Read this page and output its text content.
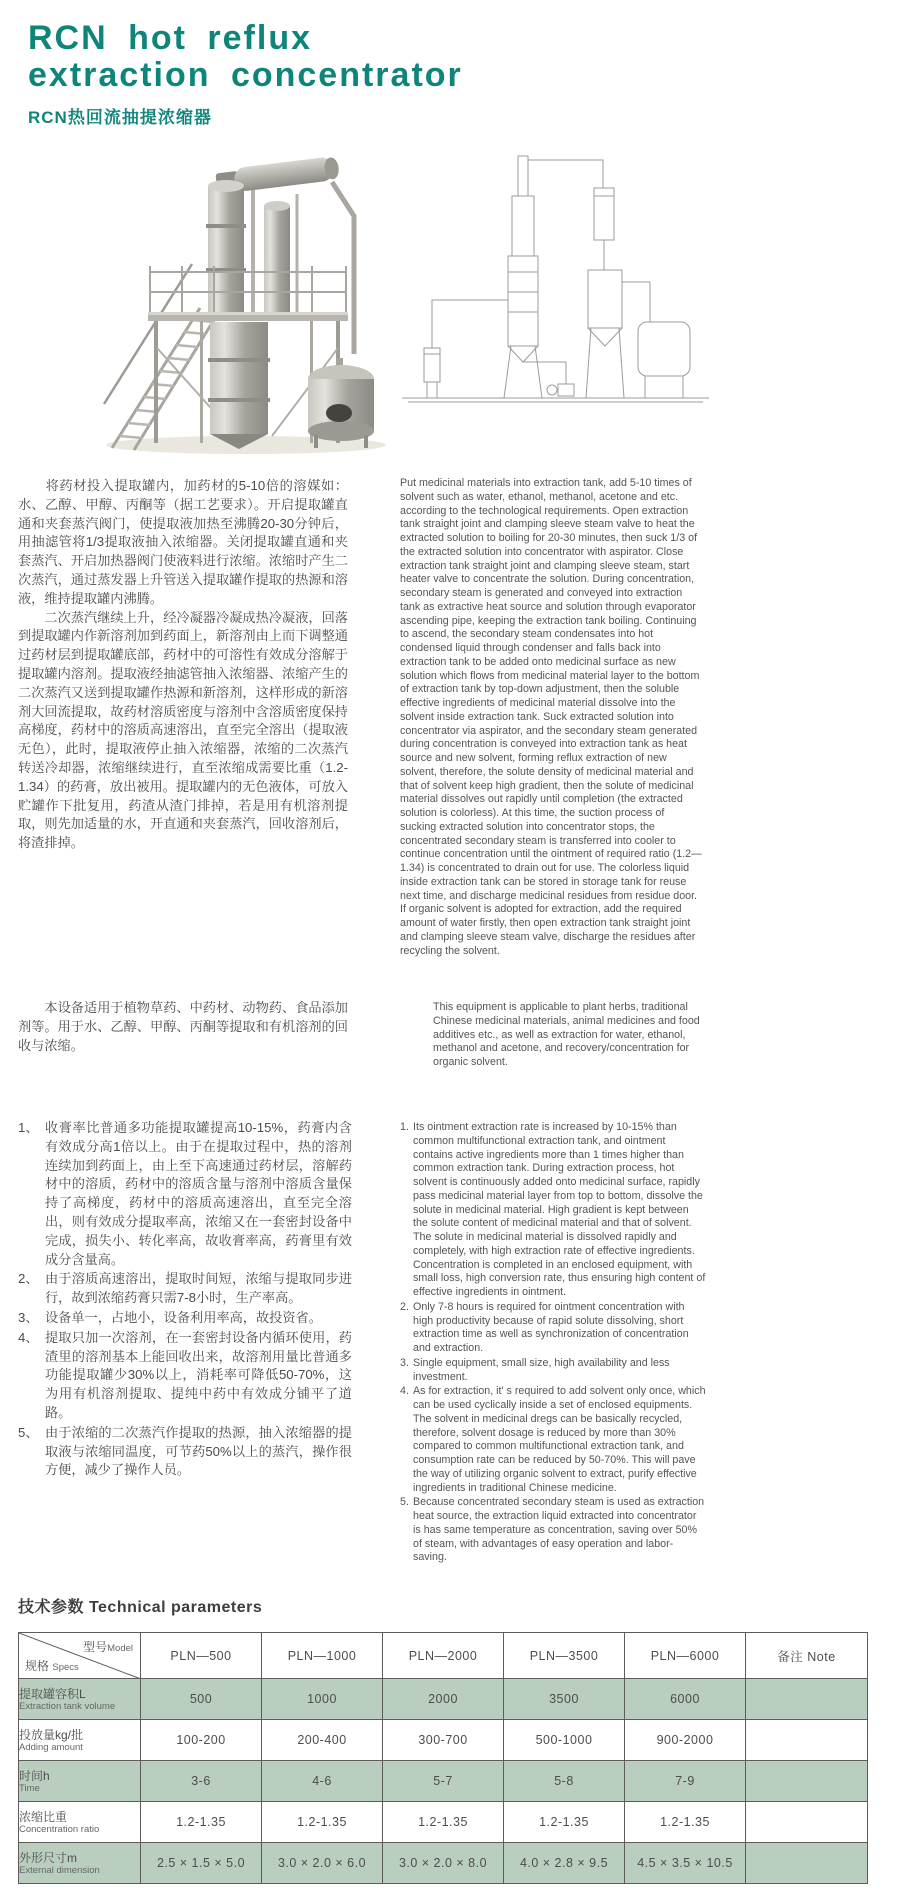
RCN hot reflux
extraction concentrator
RCN热回流抽提浓缩器

　　将药材投入提取罐内，加药材的5-10倍的溶媒如：水、乙醇、甲醇、丙酮等（据工艺要求）。开启提取罐直通和夹套蒸汽阀门，使提取液加热至沸腾20-30分钟后，用抽滤管将1/3提取液抽入浓缩器。关闭提取罐直通和夹套蒸汽、开启加热器阀门使液料进行浓缩。浓缩时产生二次蒸汽，通过蒸发器上升管送入提取罐作提取的热源和溶液，维持提取罐内沸腾。

　　二次蒸汽继续上升，经冷凝器冷凝成热冷凝液，回落到提取罐内作新溶剂加到药面上，新溶剂由上而下调整通过药材层到提取罐底部，药材中的可溶性有效成分溶解于提取罐内溶剂。提取液经抽滤管抽入浓缩器、浓缩产生的二次蒸汽又送到提取罐作热源和新溶剂，这样形成的新溶剂大回流提取，故药材溶质密度与溶剂中含溶质密度保持高梯度，药材中的溶质高速溶出，直至完全溶出（提取液无色），此时，提取液停止抽入浓缩器，浓缩的二次蒸汽转送冷却器，浓缩继续进行，直至浓缩成需要比重（1.2-1.34）的药膏，放出被用。提取罐内的无色液体，可放入贮罐作下批复用，药渣从渣门排掉，若是用有机溶剂提取，则先加适量的水，开直通和夹套蒸汽，回收溶剂后，将渣排掉。

Put medicinal materials into extraction tank, add 5-10 times of solvent such as water, ethanol, methanol, acetone and etc. according to the technological requirements. Open extraction tank straight joint and clamping sleeve steam valve to heat the extracted solution to boiling for 20-30 minutes, then suck 1/3 of the extracted solution into concentrator with aspirator. Close extraction tank straight joint and clamping sleeve steam, start heater valve to concentrate the solution. During concentration, secondary steam is generated and conveyed into extraction tank as extractive heat source and solution through evaporator ascending pipe, keeping the extraction tank boiling. Continuing to ascend, the secondary steam condensates into hot condensed liquid through condenser and falls back into extraction tank to be added onto medicinal surface as new solution which flows from medicinal material layer to the bottom of extraction tank by top-down adjustment, then the soluble effective ingredients of medicinal material dissolve into the solvent inside extraction tank. Suck extracted solution into concentrator via aspirator, and the secondary steam generated during concentration is conveyed into extraction tank as heat source and new solvent, forming reflux extraction of new solvent, therefore, the solute density of medicinal material and that of solvent keep high gradient, then the solute of medicinal material dissolves out rapidly until completion (the extracted solution is colorless). At this time, the suction process of sucking extracted solution into concentrator stops, the concentrated secondary steam is transferred into cooler to continue concentration until the ointment of required ratio (1.2—1.34) is concentrated to drain out for use. The colorless liquid inside extraction tank can be stored in storage tank for reuse next time, and discharge medicinal residues from residue door. If organic solvent is adopted for extraction, add the required amount of water firstly, then open extraction tank straight joint and clamping sleeve steam valve, discharge the residues after recycling the solvent.
　　本设备适用于植物草药、中药材、动物药、食品添加剂等。用于水、乙醇、甲醇、丙酮等提取和有机溶剂的回收与浓缩。
This equipment is applicable to plant herbs, traditional Chinese medicinal materials, animal medicines and food additives etc., as well as extraction for water, ethanol, methanol and acetone, and recovery/concentration for organic solvent.
1、 收膏率比普通多功能提取罐提高10-15%，药膏内含有效成分高1倍以上。由于在提取过程中，热的溶剂连续加到药面上，由上至下高速通过药材层，溶解药材中的溶质，药材中的溶质含量与溶剂中溶质含量保持了高梯度，药材中的溶质高速溶出，直至完全溶出，则有效成分提取率高，浓缩又在一套密封设备中完成，损失小、转化率高，故收膏率高，药膏里有效成分含量高。
2、 由于溶质高速溶出，提取时间短，浓缩与提取同步进行，故到浓缩药膏只需7-8小时，生产率高。
3、 设备单一，占地小，设备利用率高，故投资省。
4、 提取只加一次溶剂，在一套密封设备内循环使用，药渣里的溶剂基本上能回收出来，故溶剂用量比普通多功能提取罐少30%以上，消耗率可降低50-70%，这为用有机溶剂提取、提纯中药中有效成分铺平了道路。
5、 由于浓缩的二次蒸汽作提取的热源，抽入浓缩器的提取液与浓缩同温度，可节药50%以上的蒸汽，操作很方便，减少了操作人员。
1. Its ointment extraction rate is increased by 10-15% than common multifunctional extraction tank, and ointment contains active ingredients more than 1 times higher than common extraction tank. During extraction process, hot solvent is continuously added onto medicinal surface, rapidly pass medicinal material layer from top to bottom, dissolve the solute in medicinal material. High gradient is kept between the solute content of medicinal material and that of solvent. The solute in medicinal material is dissolved rapidly and completely, with high extraction rate of effective ingredients. Concentration is completed in an enclosed equipment, with small loss, high conversion rate, thus ensuring high content of effective ingredients in ointment.
2. Only 7-8 hours is required for ointment concentration with high productivity because of rapid solute dissolving, short extraction time as well as synchronization of concentration and extraction.
3. Single equipment, small size, high availability and less investment.
4. As for extraction, it' s required to add solvent only once, which can be used cyclically inside a set of enclosed equipments. The solvent in medicinal dregs can be basically recycled, therefore, solvent dosage is reduced by more than 30% compared to common multifunctional extraction tank, and consumption rate can be reduced by 50-70%. This will pave the way of utilizing organic solvent to extract, purify effective ingredients in traditional Chinese medicine.
5. Because concentrated secondary steam is used as extraction heat source, the extraction liquid extracted into concentrator is has same temperature as concentration, saving over 50% of steam, with advantages of easy operation and labor-saving.
技术参数 Technical parameters
型号Model
规格 Specs	PLN—500	PLN—1000	PLN—2000	PLN—3500	PLN—6000	备注 Note

提取罐容积L
Extraction tank volume	500	1000	2000	3500	6000	

投放量kg/批
Adding amount	100-200	200-400	300-700	500-1000	900-2000	

时间h
Time	3-6	4-6	5-7	5-8	7-9	

浓缩比重
Concentration ratio	1.2-1.35	1.2-1.35	1.2-1.35	1.2-1.35	1.2-1.35	

外形尺寸m
External dimension	2.5 × 1.5 × 5.0	3.0 × 2.0 × 6.0	3.0 × 2.0 × 8.0	4.0 × 2.8 × 9.5	4.5 × 3.5 × 10.5	
